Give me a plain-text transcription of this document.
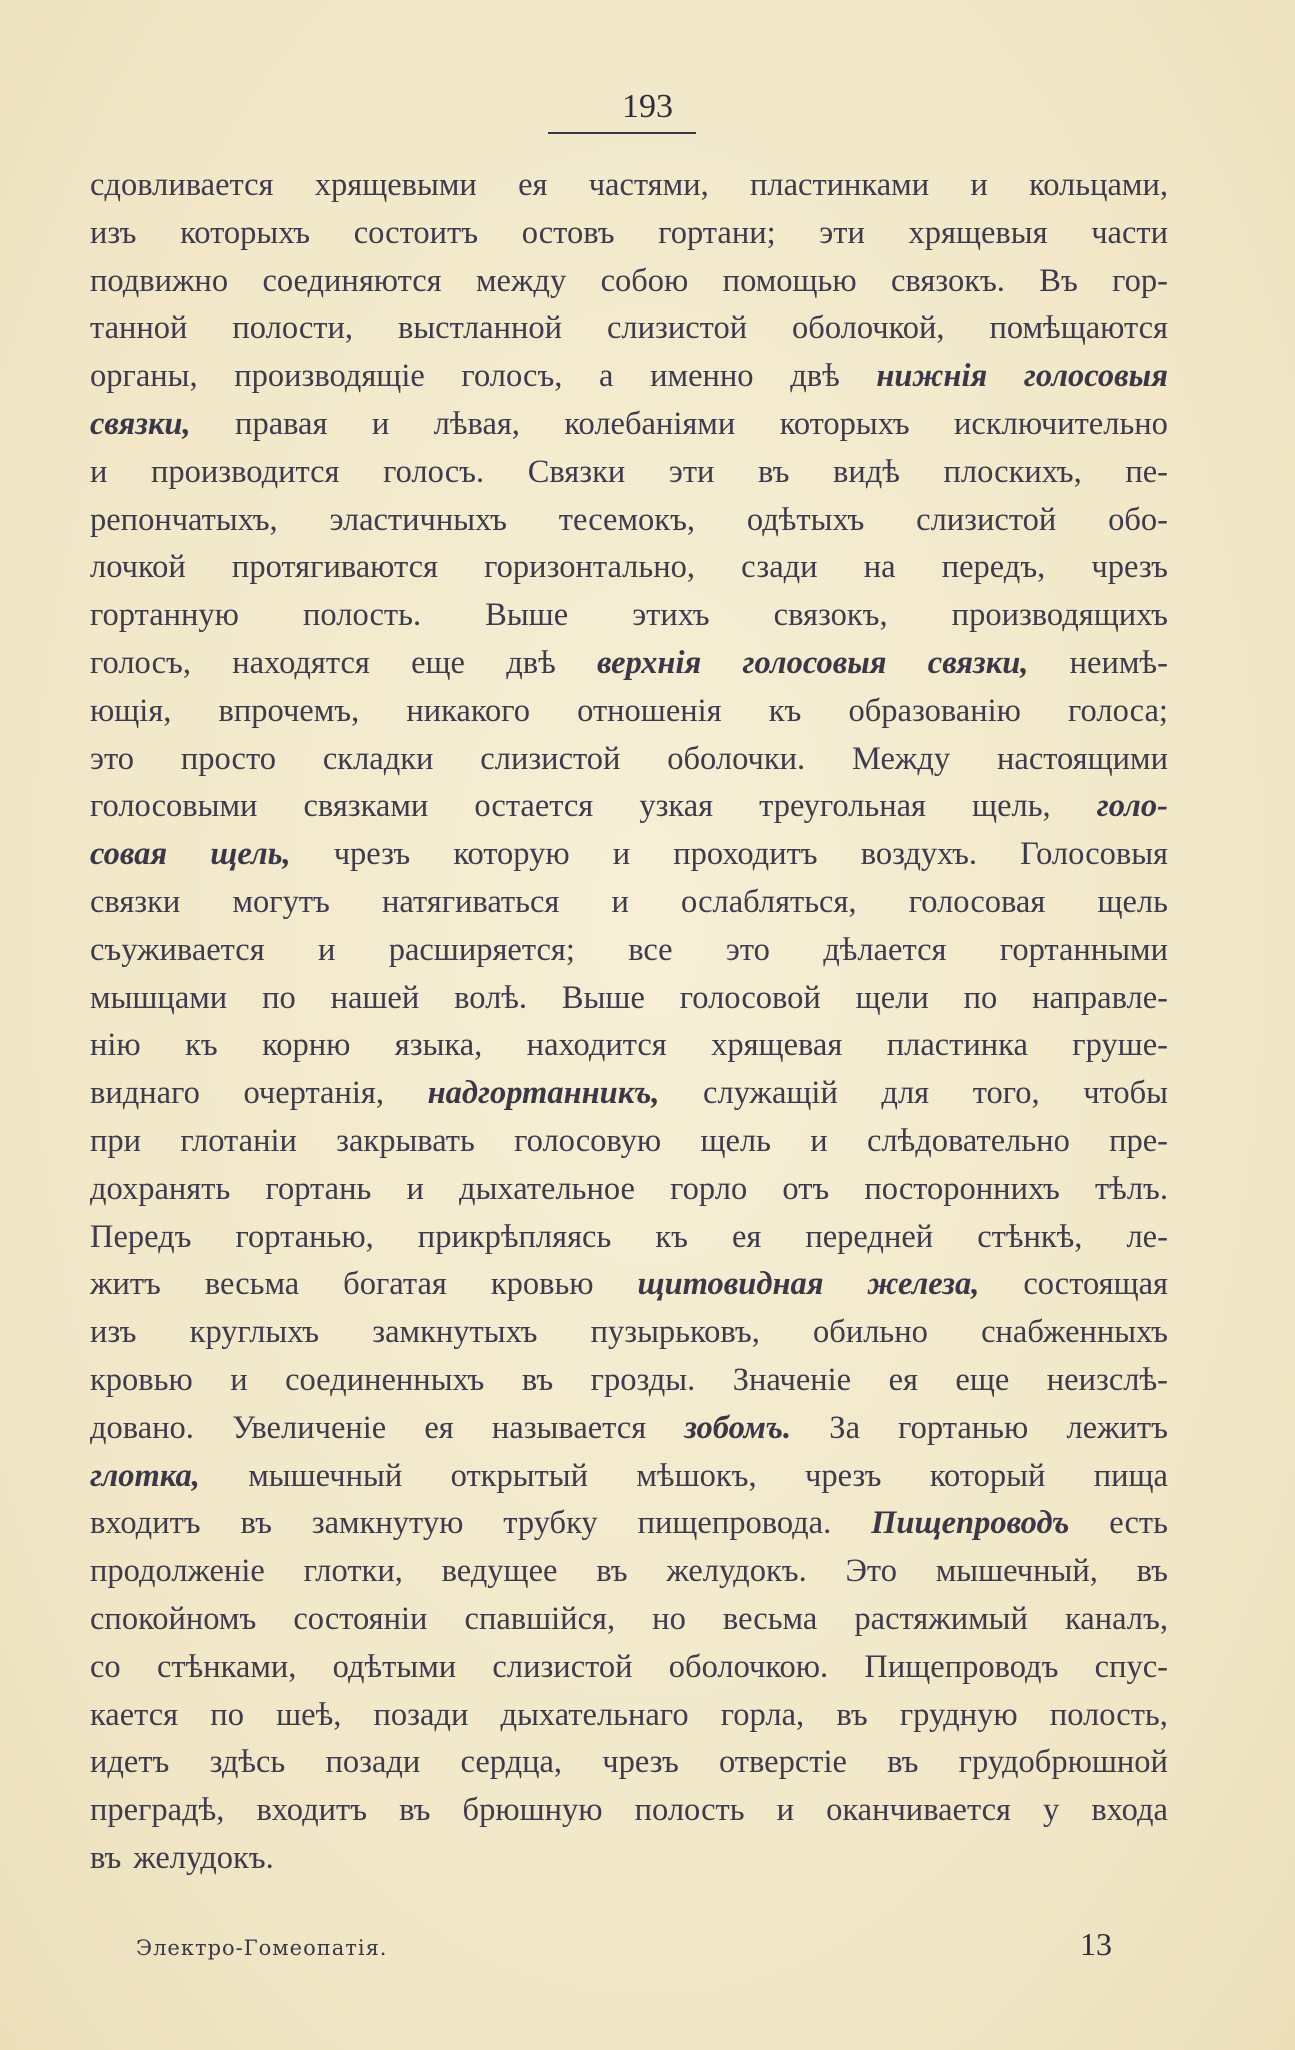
193
сдовливается хрящевыми ея частями, пластинками и кольцами,
изъ которыхъ состоитъ остовъ гортани; эти хрящевыя части
подвижно соединяются между собою помощью связокъ. Въ гор-
танной полости, выстланной слизистой оболочкой, помѣщаются
органы, производящіе голосъ, а именно двѣ нижнія голосовыя
связки, правая и лѣвая, колебаніями которыхъ исключительно
и производится голосъ. Связки эти въ видѣ плоскихъ, пе-
репончатыхъ, эластичныхъ тесемокъ, одѣтыхъ слизистой обо-
лочкой протягиваются горизонтально, сзади на передъ, чрезъ
гортанную полость. Выше этихъ связокъ, производящихъ
голосъ, находятся еще двѣ верхнія голосовыя связки, неимѣ-
ющія, впрочемъ, никакого отношенія къ образованію голоса;
это просто складки слизистой оболочки. Между настоящими
голосовыми связками остается узкая треугольная щель, голо-
совая щель, чрезъ которую и проходитъ воздухъ. Голосовыя
связки могутъ натягиваться и ослабляться, голосовая щель
съуживается и расширяется; все это дѣлается гортанными
мышцами по нашей волѣ. Выше голосовой щели по направле-
нію къ корню языка, находится хрящевая пластинка груше-
виднаго очертанія, надгортанникъ, служащій для того, чтобы
при глотаніи закрывать голосовую щель и слѣдовательно пре-
дохранять гортань и дыхательное горло отъ постороннихъ тѣлъ.
Передъ гортанью, прикрѣпляясь къ ея передней стѣнкѣ, ле-
житъ весьма богатая кровью щитовидная железа, состоящая
изъ круглыхъ замкнутыхъ пузырьковъ, обильно снабженныхъ
кровью и соединенныхъ въ грозды. Значеніе ея еще неизслѣ-
довано. Увеличеніе ея называется зобомъ. За гортанью лежитъ
глотка, мышечный открытый мѣшокъ, чрезъ который пища
входитъ въ замкнутую трубку пищепровода. Пищепроводъ есть
продолженіе глотки, ведущее въ желудокъ. Это мышечный, въ
спокойномъ состояніи спавшійся, но весьма растяжимый каналъ,
со стѣнками, одѣтыми слизистой оболочкою. Пищепроводъ спус-
кается по шеѣ, позади дыхательнаго горла, въ грудную полость,
идетъ здѣсь позади сердца, чрезъ отверстіе въ грудобрюшной
преградѣ, входитъ въ брюшную полость и оканчивается у входа
въ желудокъ.
Электро-Гомеопатія.	13
